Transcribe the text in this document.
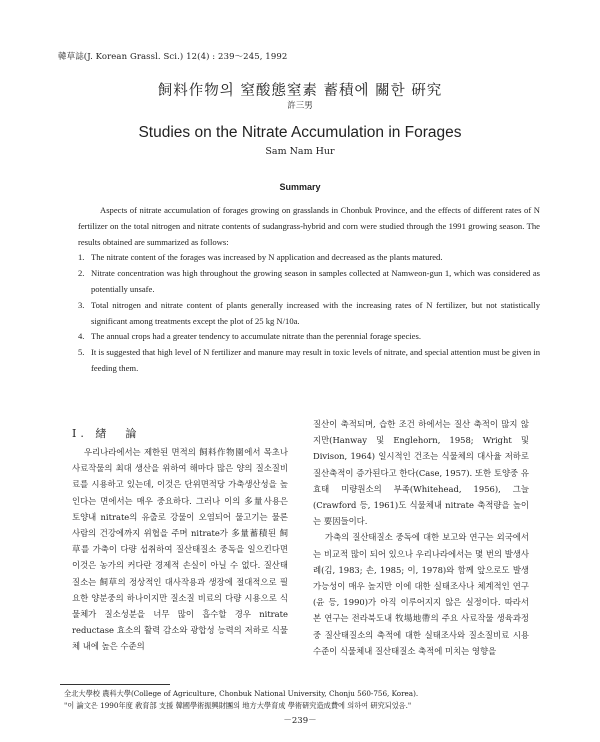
韓草誌(J. Korean Grassl. Sci.) 12(4) : 239～245, 1992
飼料作物의 窒酸態窒素 蓄積에 關한 硏究
許三男
Studies on the Nitrate Accumulation in Forages
Sam Nam Hur
Summary

Aspects of nitrate accumulation of forages growing on grasslands in Chonbuk Province, and the effects of different rates of N fertilizer on the total nitrogen and nitrate contents of sudangrass-hybrid and corn were studied through the 1991 growing season. The results obtained are summarized as follows:

1. The nitrate content of the forages was increased by N application and decreased as the plants matured.
2. Nitrate concentration was high throughout the growing season in samples collected at Namweon-gun 1, which was considered as potentially unsafe.
3. Total nitrogen and nitrate content of plants generally increased with the increasing rates of N fertilizer, but not statistically significant among treatments except the plot of 25 kg N/10a.
4. The annual crops had a greater tendency to accumulate nitrate than the perennial forage species.
5. It is suggested that high level of N fertilizer and manure may result in toxic levels of nitrate, and special attention must be given in feeding them.
I. 緖　論
우리나라에서는 제한된 면적의 飼料作物園에서 목초나 사료작물의 최대 생산을 위하여 해마다 많은 양의 질소질비료를 시용하고 있는데, 이것은 단위면적당 가축생산성을 높인다는 면에서는 매우 중요하다. 그러나 이의 多量사용은 토양내 nitrate의 유출로 강물이 오염되어 물고기는 물론 사람의 건강에까지 위협을 주며 nitrate가 多量蓄積된 飼草를 가축이 다량 섭취하여 질산태질소 중독을 일으킨다면 이것은 농가의 커다란 경제적 손실이 아닐 수 없다. 질산태질소는 飼草의 정상적인 대사작용과 생장에 절대적으로 필요한 양분중의 하나이지만 질소질 비료의 다량 시용으로 식물체가 질소성분을 너무 많이 흡수할 경우 nitrate reductase 효소의 활력 감소와 광합성 능력의 저하로 식물체 내에 높은 수준의

질산이 축적되며, 습한 조건 하에서는 질산 축적이 많지 않지만(Hanway 및 Englehorn, 1958; Wright 및 Divison, 1964) 일시적인 건조는 식물체의 대사율 저하로 질산축적이 증가된다고 한다(Case, 1957). 또한 토양중 유효태 미량원소의 부족(Whitehead, 1956), 그늘(Crawford 등, 1961)도 식물체내 nitrate 축적량을 높이는 要因들이다.

가축의 질산태질소 중독에 대한 보고와 연구는 외국에서는 비교적 많이 되어 있으나 우리나라에서는 몇 번의 발생사례(김, 1983; 손, 1985; 이, 1978)와 함께 앞으로도 발생가능성이 매우 높지만 이에 대한 실태조사나 체계적인 연구(윤 등, 1990)가 아직 이루어지지 않은 실정이다. 따라서 본 연구는 전라북도내 牧場地帶의 주요 사료작물 생육과정 중 질산태질소의 축적에 대한 실태조사와 질소질비료 시용수준이 식물체내 질산태질소 축적에 미치는 영향을

全北大學校 農科大學(College of Agriculture, Chonbuk National University, Chonju 560-756, Korea).
"이 論文은 1990年度 敎育部 支援 韓國學術振興財團의 地方大學育成 學術硏究造成費에 의하여 硏究되었음."
－239－
